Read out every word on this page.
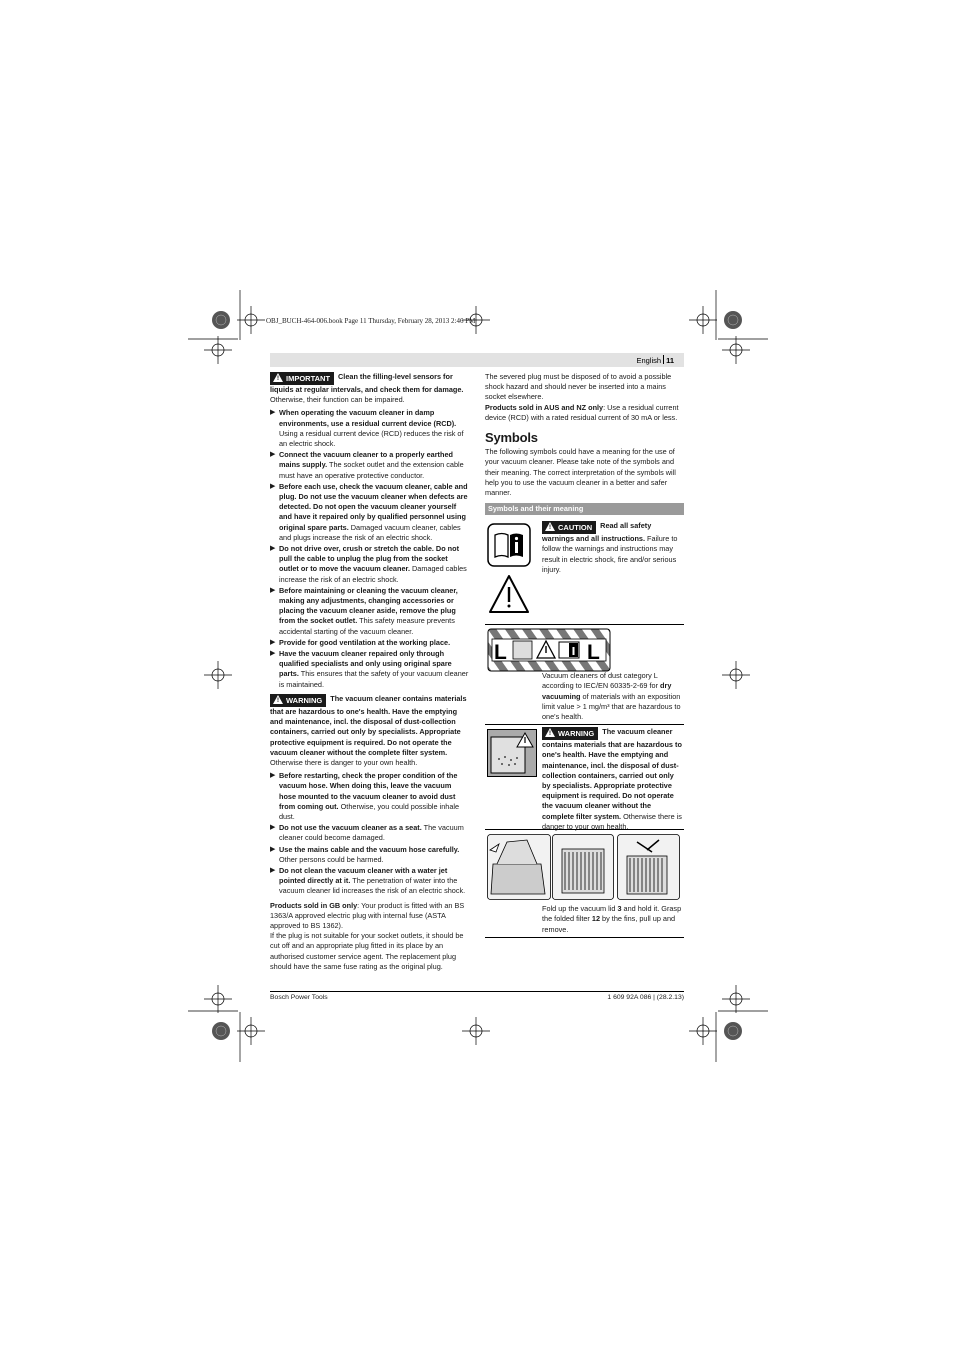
OBJ_BUCH-464-006.book Page 11 Thursday, February 28, 2013 2:46 PM
English 11

!IMPORTANT Clean the filling-level sensors for liquids at regular intervals, and check them for damage. Otherwise, their function can be impaired.

▶ When operating the vacuum cleaner in damp environments, use a residual current device (RCD). Using a residual current device (RCD) reduces the risk of an electric shock.
▶ Connect the vacuum cleaner to a properly earthed mains supply. The socket outlet and the extension cable must have an operative protective conductor.
▶ Before each use, check the vacuum cleaner, cable and plug. Do not use the vacuum cleaner when defects are detected. Do not open the vacuum cleaner yourself and have it repaired only by qualified personnel using original spare parts. Damaged vacuum cleaner, cables and plugs increase the risk of an electric shock.
▶ Do not drive over, crush or stretch the cable. Do not pull the cable to unplug the plug from the socket outlet or to move the vacuum cleaner. Damaged cables increase the risk of an electric shock.
▶ Before maintaining or cleaning the vacuum cleaner, making any adjustments, changing accessories or placing the vacuum cleaner aside, remove the plug from the socket outlet. This safety measure prevents accidental starting of the vacuum cleaner.
▶ Provide for good ventilation at the working place.
▶ Have the vacuum cleaner repaired only through qualified specialists and only using original spare parts. This ensures that the safety of your vacuum cleaner is maintained.

!WARNING The vacuum cleaner contains materials that are hazardous to one's health. Have the emptying and maintenance, incl. the disposal of dust-collection containers, carried out only by specialists. Appropriate protective equipment is required. Do not operate the vacuum cleaner without the complete filter system. Otherwise there is danger to your own health.

▶ Before restarting, check the proper condition of the vacuum hose. When doing this, leave the vacuum hose mounted to the vacuum cleaner to avoid dust from coming out. Otherwise, you could possible inhale dust.
▶ Do not use the vacuum cleaner as a seat. The vacuum cleaner could become damaged.
▶ Use the mains cable and the vacuum hose carefully. Other persons could be harmed.
▶ Do not clean the vacuum cleaner with a water jet pointed directly at it. The penetration of water into the vacuum cleaner lid increases the risk of an electric shock.

Products sold in GB only: Your product is fitted with an BS 1363/A approved electric plug with internal fuse (ASTA approved to BS 1362).

If the plug is not suitable for your socket outlets, it should be cut off and an appropriate plug fitted in its place by an authorised customer service agent. The replacement plug should have the same fuse rating as the original plug.

The severed plug must be disposed of to avoid a possible shock hazard and should never be inserted into a mains socket elsewhere.

Products sold in AUS and NZ only: Use a residual current device (RCD) with a rated residual current of 30 mA or less.

Symbols

The following symbols could have a meaning for the use of your vacuum cleaner. Please take note of the symbols and their meaning. The correct interpretation of the symbols will help you to use the vacuum cleaner in a better and safer manner.

Symbols and their meaning
!CAUTION Read all safety warnings and all instructions. Failure to follow the warnings and instructions may result in electric shock, fire and/or serious injury.
L	L
Vacuum cleaners of dust category L according to IEC/EN 60335-2-69 for dry vacuuming of materials with an exposition limit value > 1 mg/m³ that are hazardous to one's health.
!WARNING The vacuum cleaner contains materials that are hazardous to one's health. Have the emptying and maintenance, incl. the disposal of dust-collection containers, carried out only by specialists. Appropriate protective equipment is required. Do not operate the vacuum cleaner without the complete filter system. Otherwise there is danger to your own health.
Fold up the vacuum lid 3 and hold it. Grasp the folded filter 12 by the fins, pull up and remove.
Bosch Power Tools	1 609 92A 086 | (28.2.13)
